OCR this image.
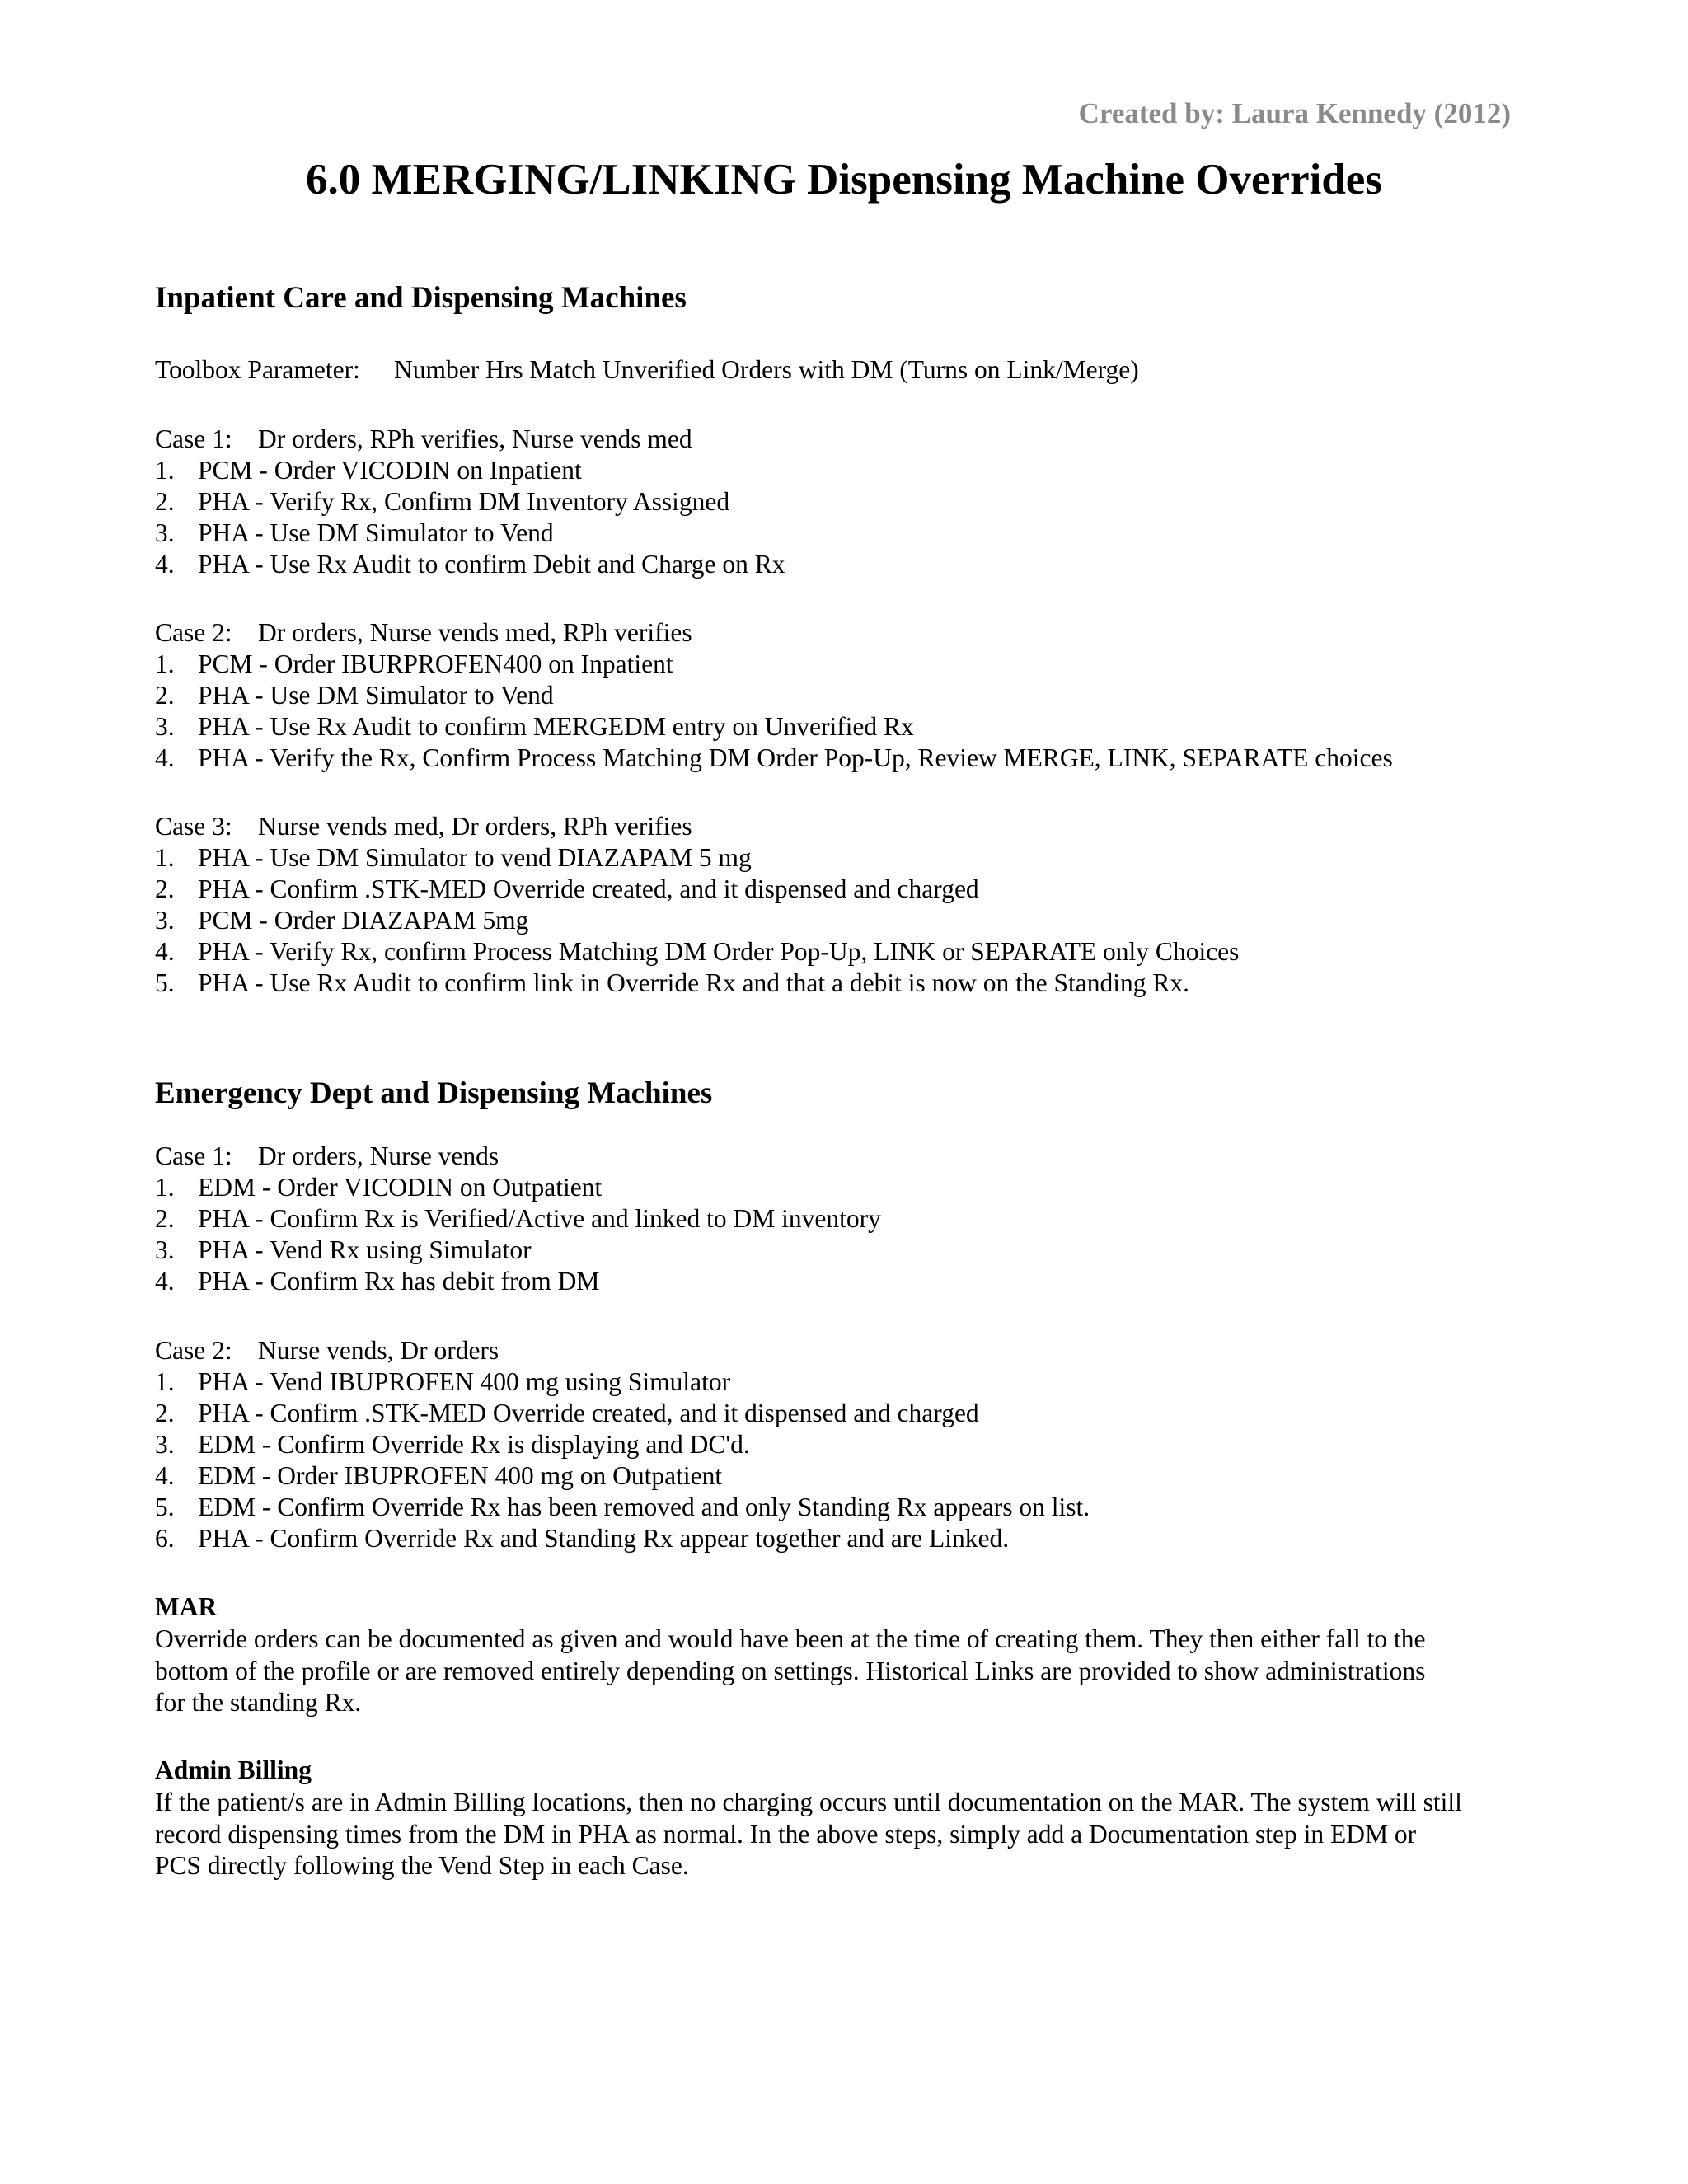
Created by: Laura Kennedy (2012)
6.0 MERGING/LINKING Dispensing Machine Overrides
Inpatient Care and Dispensing Machines
Toolbox Parameter: Number Hrs Match Unverified Orders with DM (Turns on Link/Merge)
Case 1: Dr orders, RPh verifies, Nurse vends med
1. PCM - Order VICODIN on Inpatient
2. PHA - Verify Rx, Confirm DM Inventory Assigned
3. PHA - Use DM Simulator to Vend
4. PHA - Use Rx Audit to confirm Debit and Charge on Rx
Case 2: Dr orders, Nurse vends med, RPh verifies
1. PCM - Order IBURPROFEN400 on Inpatient
2. PHA - Use DM Simulator to Vend
3. PHA - Use Rx Audit to confirm MERGEDM entry on Unverified Rx
4. PHA - Verify the Rx, Confirm Process Matching DM Order Pop-Up, Review MERGE, LINK, SEPARATE choices
Case 3: Nurse vends med, Dr orders, RPh verifies
1. PHA - Use DM Simulator to vend DIAZAPAM 5 mg
2. PHA - Confirm .STK-MED Override created, and it dispensed and charged
3. PCM - Order DIAZAPAM 5mg
4. PHA - Verify Rx, confirm Process Matching DM Order Pop-Up, LINK or SEPARATE only Choices
5. PHA - Use Rx Audit to confirm link in Override Rx and that a debit is now on the Standing Rx.
Emergency Dept and Dispensing Machines
Case 1: Dr orders, Nurse vends
1. EDM - Order VICODIN on Outpatient
2. PHA - Confirm Rx is Verified/Active and linked to DM inventory
3. PHA - Vend Rx using Simulator
4. PHA - Confirm Rx has debit from DM
Case 2: Nurse vends, Dr orders
1. PHA - Vend IBUPROFEN 400 mg using Simulator
2. PHA - Confirm .STK-MED Override created, and it dispensed and charged
3. EDM - Confirm Override Rx is displaying and DC'd.
4. EDM - Order IBUPROFEN 400 mg on Outpatient
5. EDM - Confirm Override Rx has been removed and only Standing Rx appears on list.
6. PHA - Confirm Override Rx and Standing Rx appear together and are Linked.
MAR
Override orders can be documented as given and would have been at the time of creating them. They then either fall to the
bottom of the profile or are removed entirely depending on settings. Historical Links are provided to show administrations
for the standing Rx.
Admin Billing
If the patient/s are in Admin Billing locations, then no charging occurs until documentation on the MAR. The system will still
record dispensing times from the DM in PHA as normal. In the above steps, simply add a Documentation step in EDM or
PCS directly following the Vend Step in each Case.
